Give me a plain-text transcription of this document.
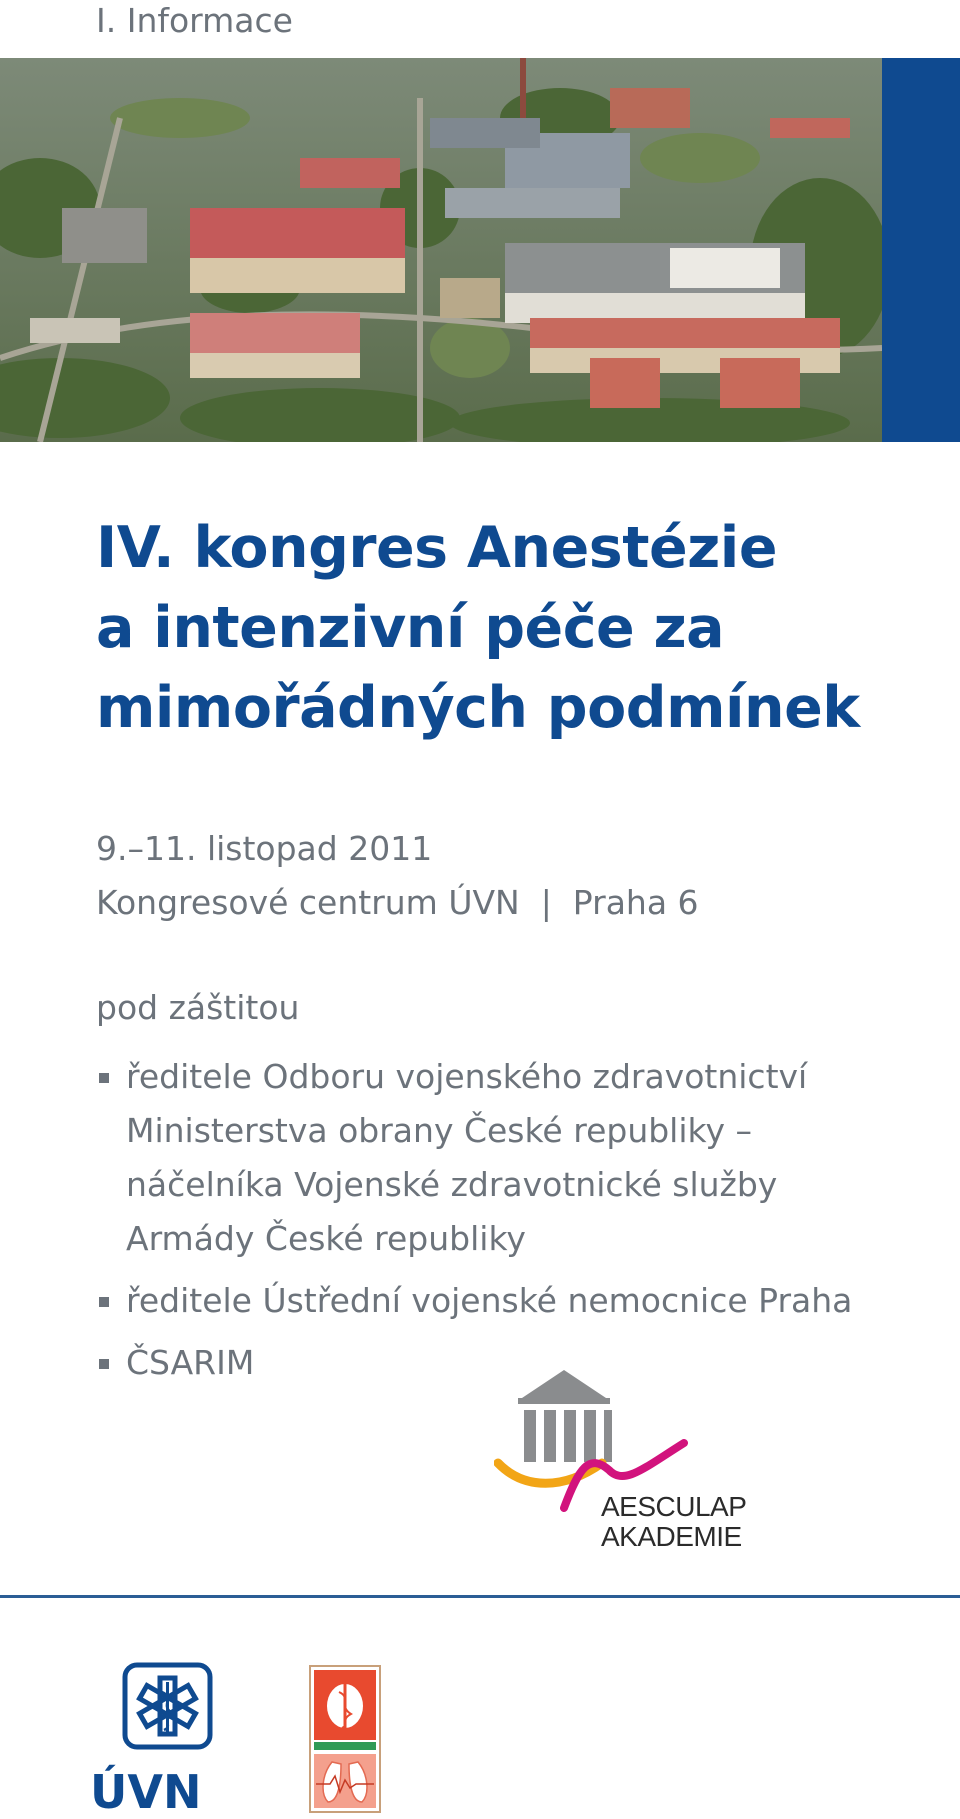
I. Informace
IV. kongres Anestézie
a intenzivní péče za
mimořádných podmínek
9.–11. listopad 2011
Kongresové centrum ÚVN  |  Praha 6
pod záštitou
ředitele Odboru vojenského zdravotnictví
Ministerstva obrany České republiky –
náčelníka Vojenské zdravotnické služby
Armády České republiky
ředitele Ústřední vojenské nemocnice Praha
ČSARIM
AESCULAP
AKADEMIE
ÚVN
